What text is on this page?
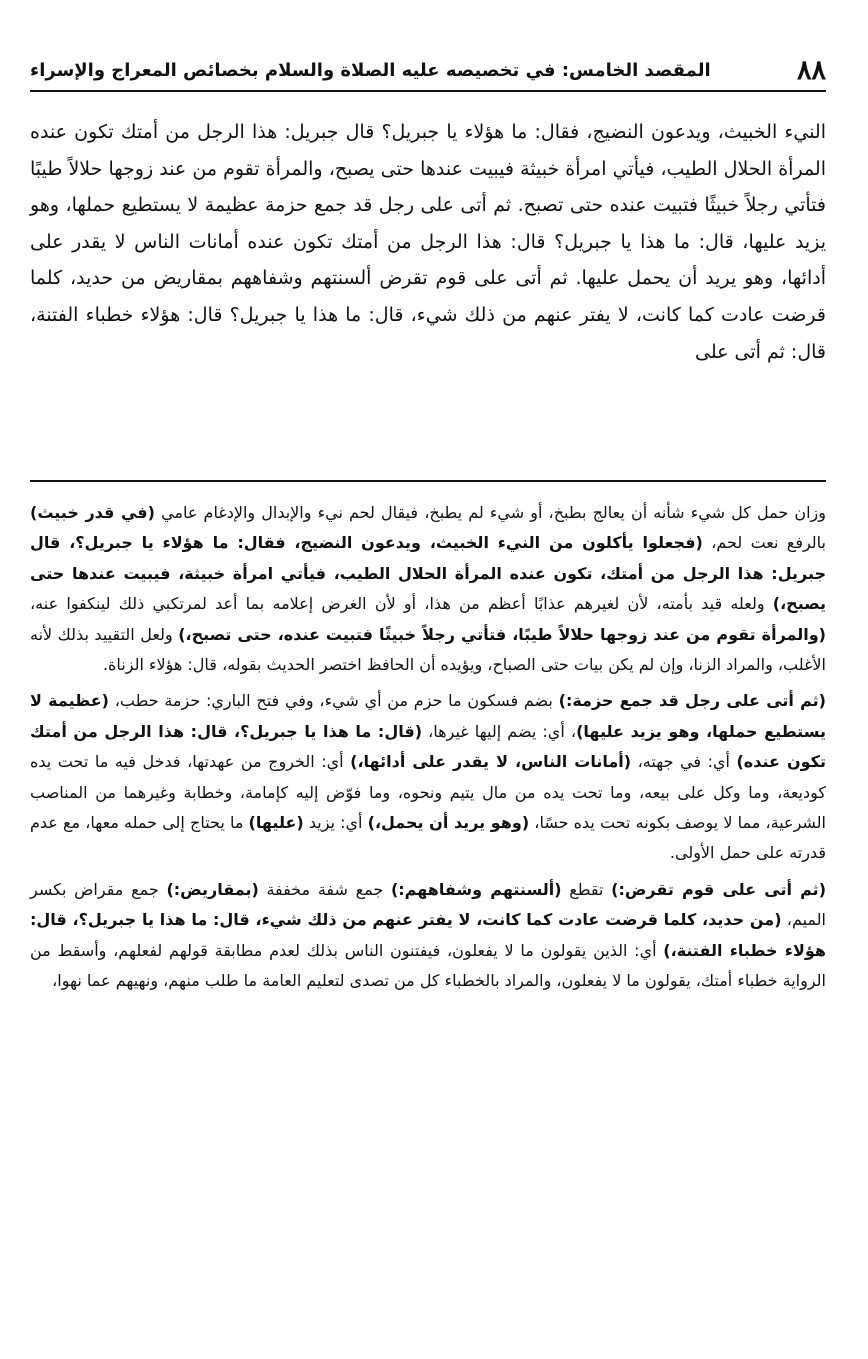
٨٨
المقصد الخامس: في تخصيصه عليه الصلاة والسلام بخصائص المعراج والإسراء

النيء الخبيث، ويدعون النضيج، فقال: ما هؤلاء يا جبريل؟ قال جبريل: هذا الرجل من أمتك تكون عنده المرأة الحلال الطيب، فيأتي امرأة خبيثة فيبيت عندها حتى يصبح، والمرأة تقوم من عند زوجها حلالاً طيبًا فتأتي رجلاً خبيثًا فتبيت عنده حتى تصبح. ثم أتى على رجل قد جمع حزمة عظيمة لا يستطيع حملها، وهو يزيد عليها، قال: ما هذا يا جبريل؟ قال: هذا الرجل من أمتك تكون عنده أمانات الناس لا يقدر على أدائها، وهو يريد أن يحمل عليها. ثم أتى على قوم تقرض ألسنتهم وشفاههم بمقاريض من حديد، كلما قرضت عادت كما كانت، لا يفتر عنهم من ذلك شيء، قال: ما هذا يا جبريل؟ قال: هؤلاء خطباء الفتنة، قال: ثم أتى على

وزان حمل كل شيء شأنه أن يعالج بطبخ، أو شيء لم يطبخ، فيقال لحم نيء والإبدال والإدغام عامي (في قدر خبيث) بالرفع نعت لحم، (فجعلوا يأكلون من النيء الخبيث، ويدعون النضيج، فقال: ما هؤلاء يا جبريل؟، قال جبريل: هذا الرجل من أمتك، تكون عنده المرأة الحلال الطيب، فيأتي امرأة خبيثة، فيبيت عندها حتى يصبح،) ولعله قيد بأمته، لأن لغيرهم عذابًا أعظم من هذا، أو لأن الغرض إعلامه بما أعد لمرتكبي ذلك لينكفوا عنه، (والمرأة تقوم من عند زوجها حلالاً طيبًا، فتأتي رجلاً خبيثًا فتبيت عنده، حتى تصبح،) ولعل التقييد بذلك لأنه الأغلب، والمراد الزنا، وإن لم يكن بيات حتى الصباح، ويؤيده أن الحافظ اختصر الحديث بقوله، قال: هؤلاء الزناة.

(ثم أتى على رجل قد جمع حزمة:) بضم فسكون ما حزم من أي شيء، وفي فتح الباري: حزمة حطب، (عظيمة لا يستطيع حملها، وهو يزيد عليها)، أي: يضم إليها غيرها، (قال: ما هذا يا جبريل؟، قال: هذا الرجل من أمتك تكون عنده) أي: في جهته، (أمانات الناس، لا يقدر على أدائها،) أي: الخروج من عهدتها، فدخل فيه ما تحت يده كوديعة، وما وكل على بيعه، وما تحت يده من مال يتيم ونحوه، وما فوّض إليه كإمامة، وخطابة وغيرهما من المناصب الشرعية، مما لا يوصف بكونه تحت يده حسًا، (وهو يريد أن يحمل،) أي: يزيد (عليها) ما يحتاج إلى حمله معها، مع عدم قدرته على حمل الأولى.

(ثم أتى على قوم تقرض:) تقطع (ألسنتهم وشفاههم:) جمع شفة مخففة (بمقاريض:) جمع مقراض بكسر الميم، (من حديد، كلما قرضت عادت كما كانت، لا يفتر عنهم من ذلك شيء، قال: ما هذا يا جبريل؟، قال: هؤلاء خطباء الفتنة،) أي: الذين يقولون ما لا يفعلون، فيفتنون الناس بذلك لعدم مطابقة قولهم لفعلهم، وأسقط من الرواية خطباء أمتك، يقولون ما لا يفعلون، والمراد بالخطباء كل من تصدى لتعليم العامة ما طلب منهم، ونهيهم عما نهوا،
